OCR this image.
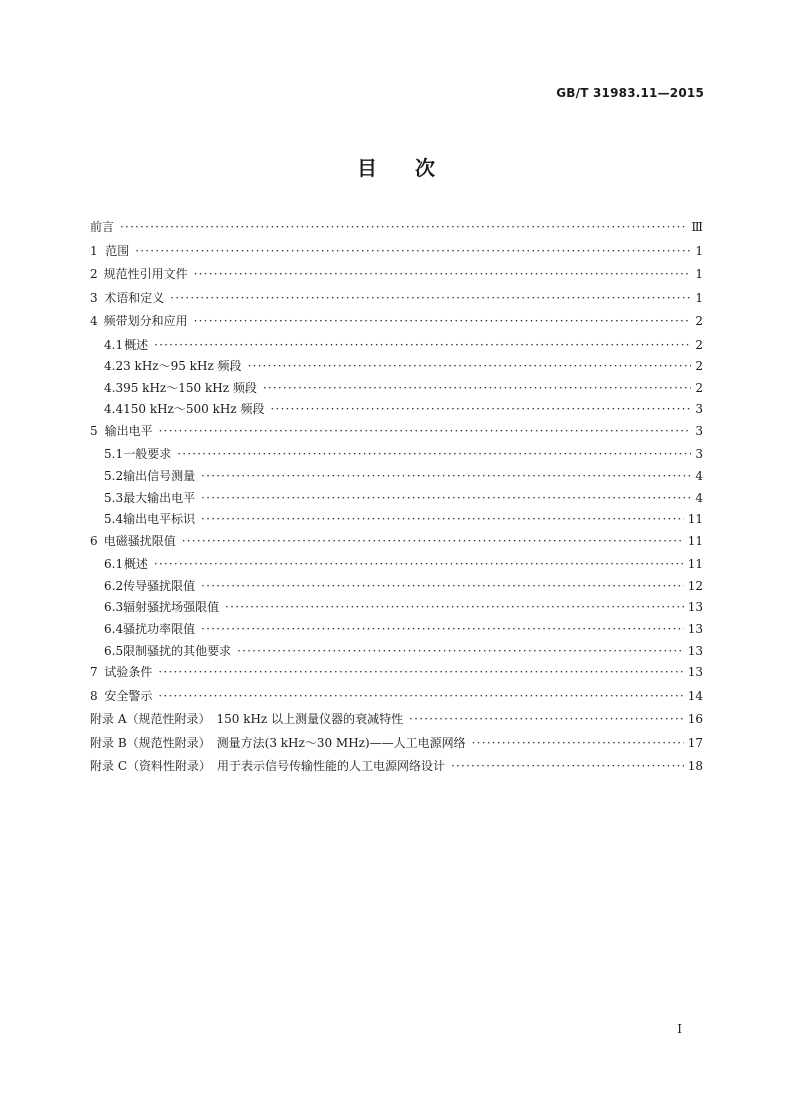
GB/T 31983.11—2015
目次
前言 ·····	Ⅲ
1 范围 ·····	1
2 规范性引用文件 ·····	1
3 术语和定义 ·····	1
4 频带划分和应用 ·····	2
4.1 概述 ·····	2
4.2 3 kHz～95 kHz 频段 ·····	2
4.3 95 kHz～150 kHz 频段 ·····	2
4.4 150 kHz～500 kHz 频段 ·····	3
5 输出电平 ·····	3
5.1 一般要求 ·····	3
5.2 输出信号测量 ·····	4
5.3 最大输出电平 ·····	4
5.4 输出电平标识 ·····	11
6 电磁骚扰限值 ·····	11
6.1 概述 ·····	11
6.2 传导骚扰限值 ·····	12
6.3 辐射骚扰场强限值 ·····	13
6.4 骚扰功率限值 ·····	13
6.5 限制骚扰的其他要求 ·····	13
7 试验条件 ·····	13
8 安全警示 ·····	14
附录 A（规范性附录）　150 kHz 以上测量仪器的衰减特性 ·····	16
附录 B（规范性附录）　测量方法(3 kHz～30 MHz)——人工电源网络 ·····	17
附录 C（资料性附录）　用于表示信号传输性能的人工电源网络设计 ·····	18
I
